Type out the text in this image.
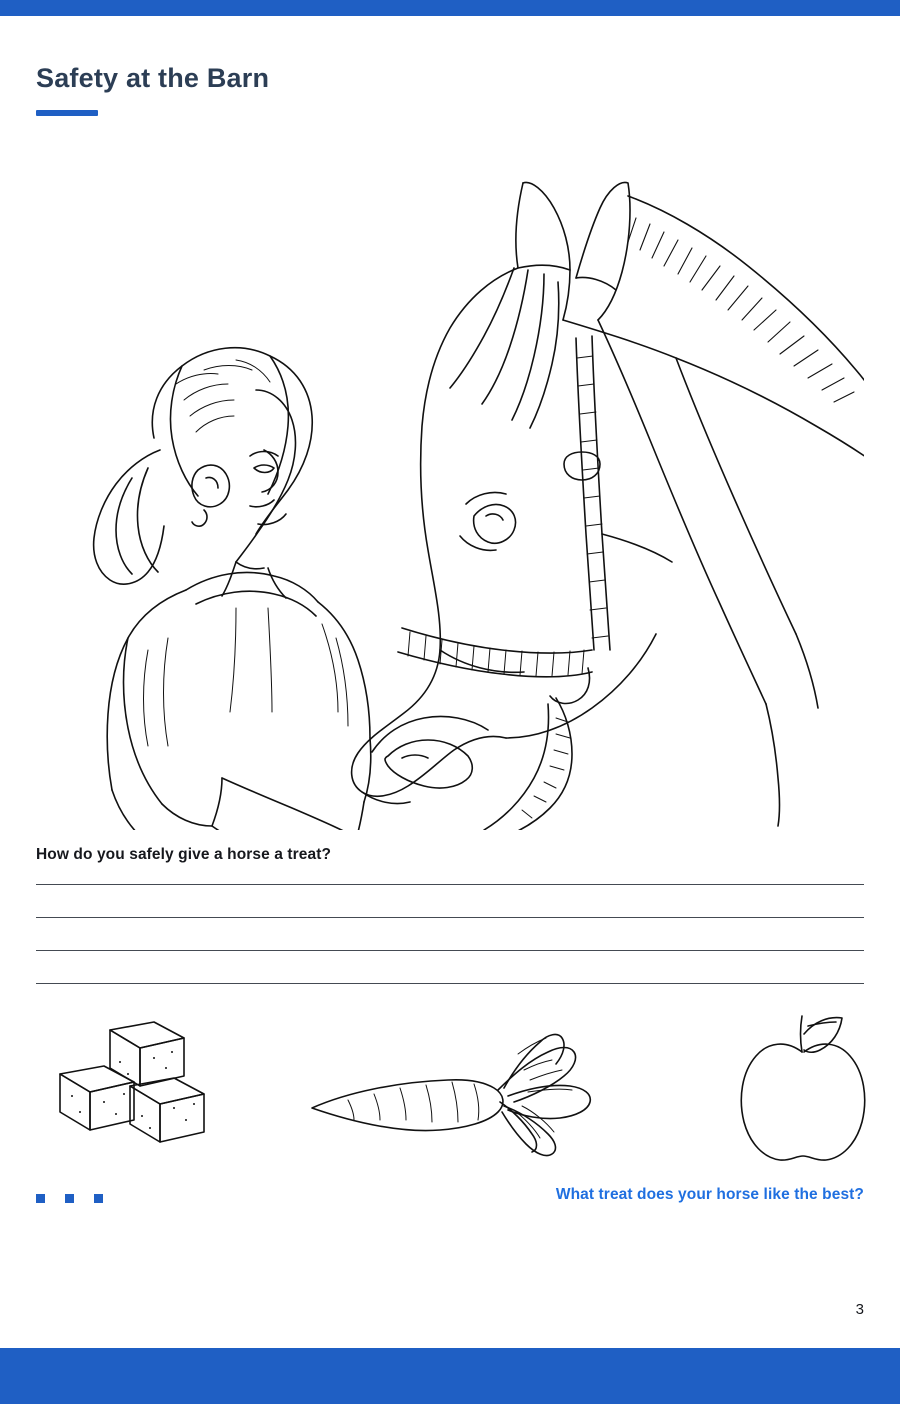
Safety at the Barn
How do you safely give a horse a treat?
What treat does your horse like the best?
3
